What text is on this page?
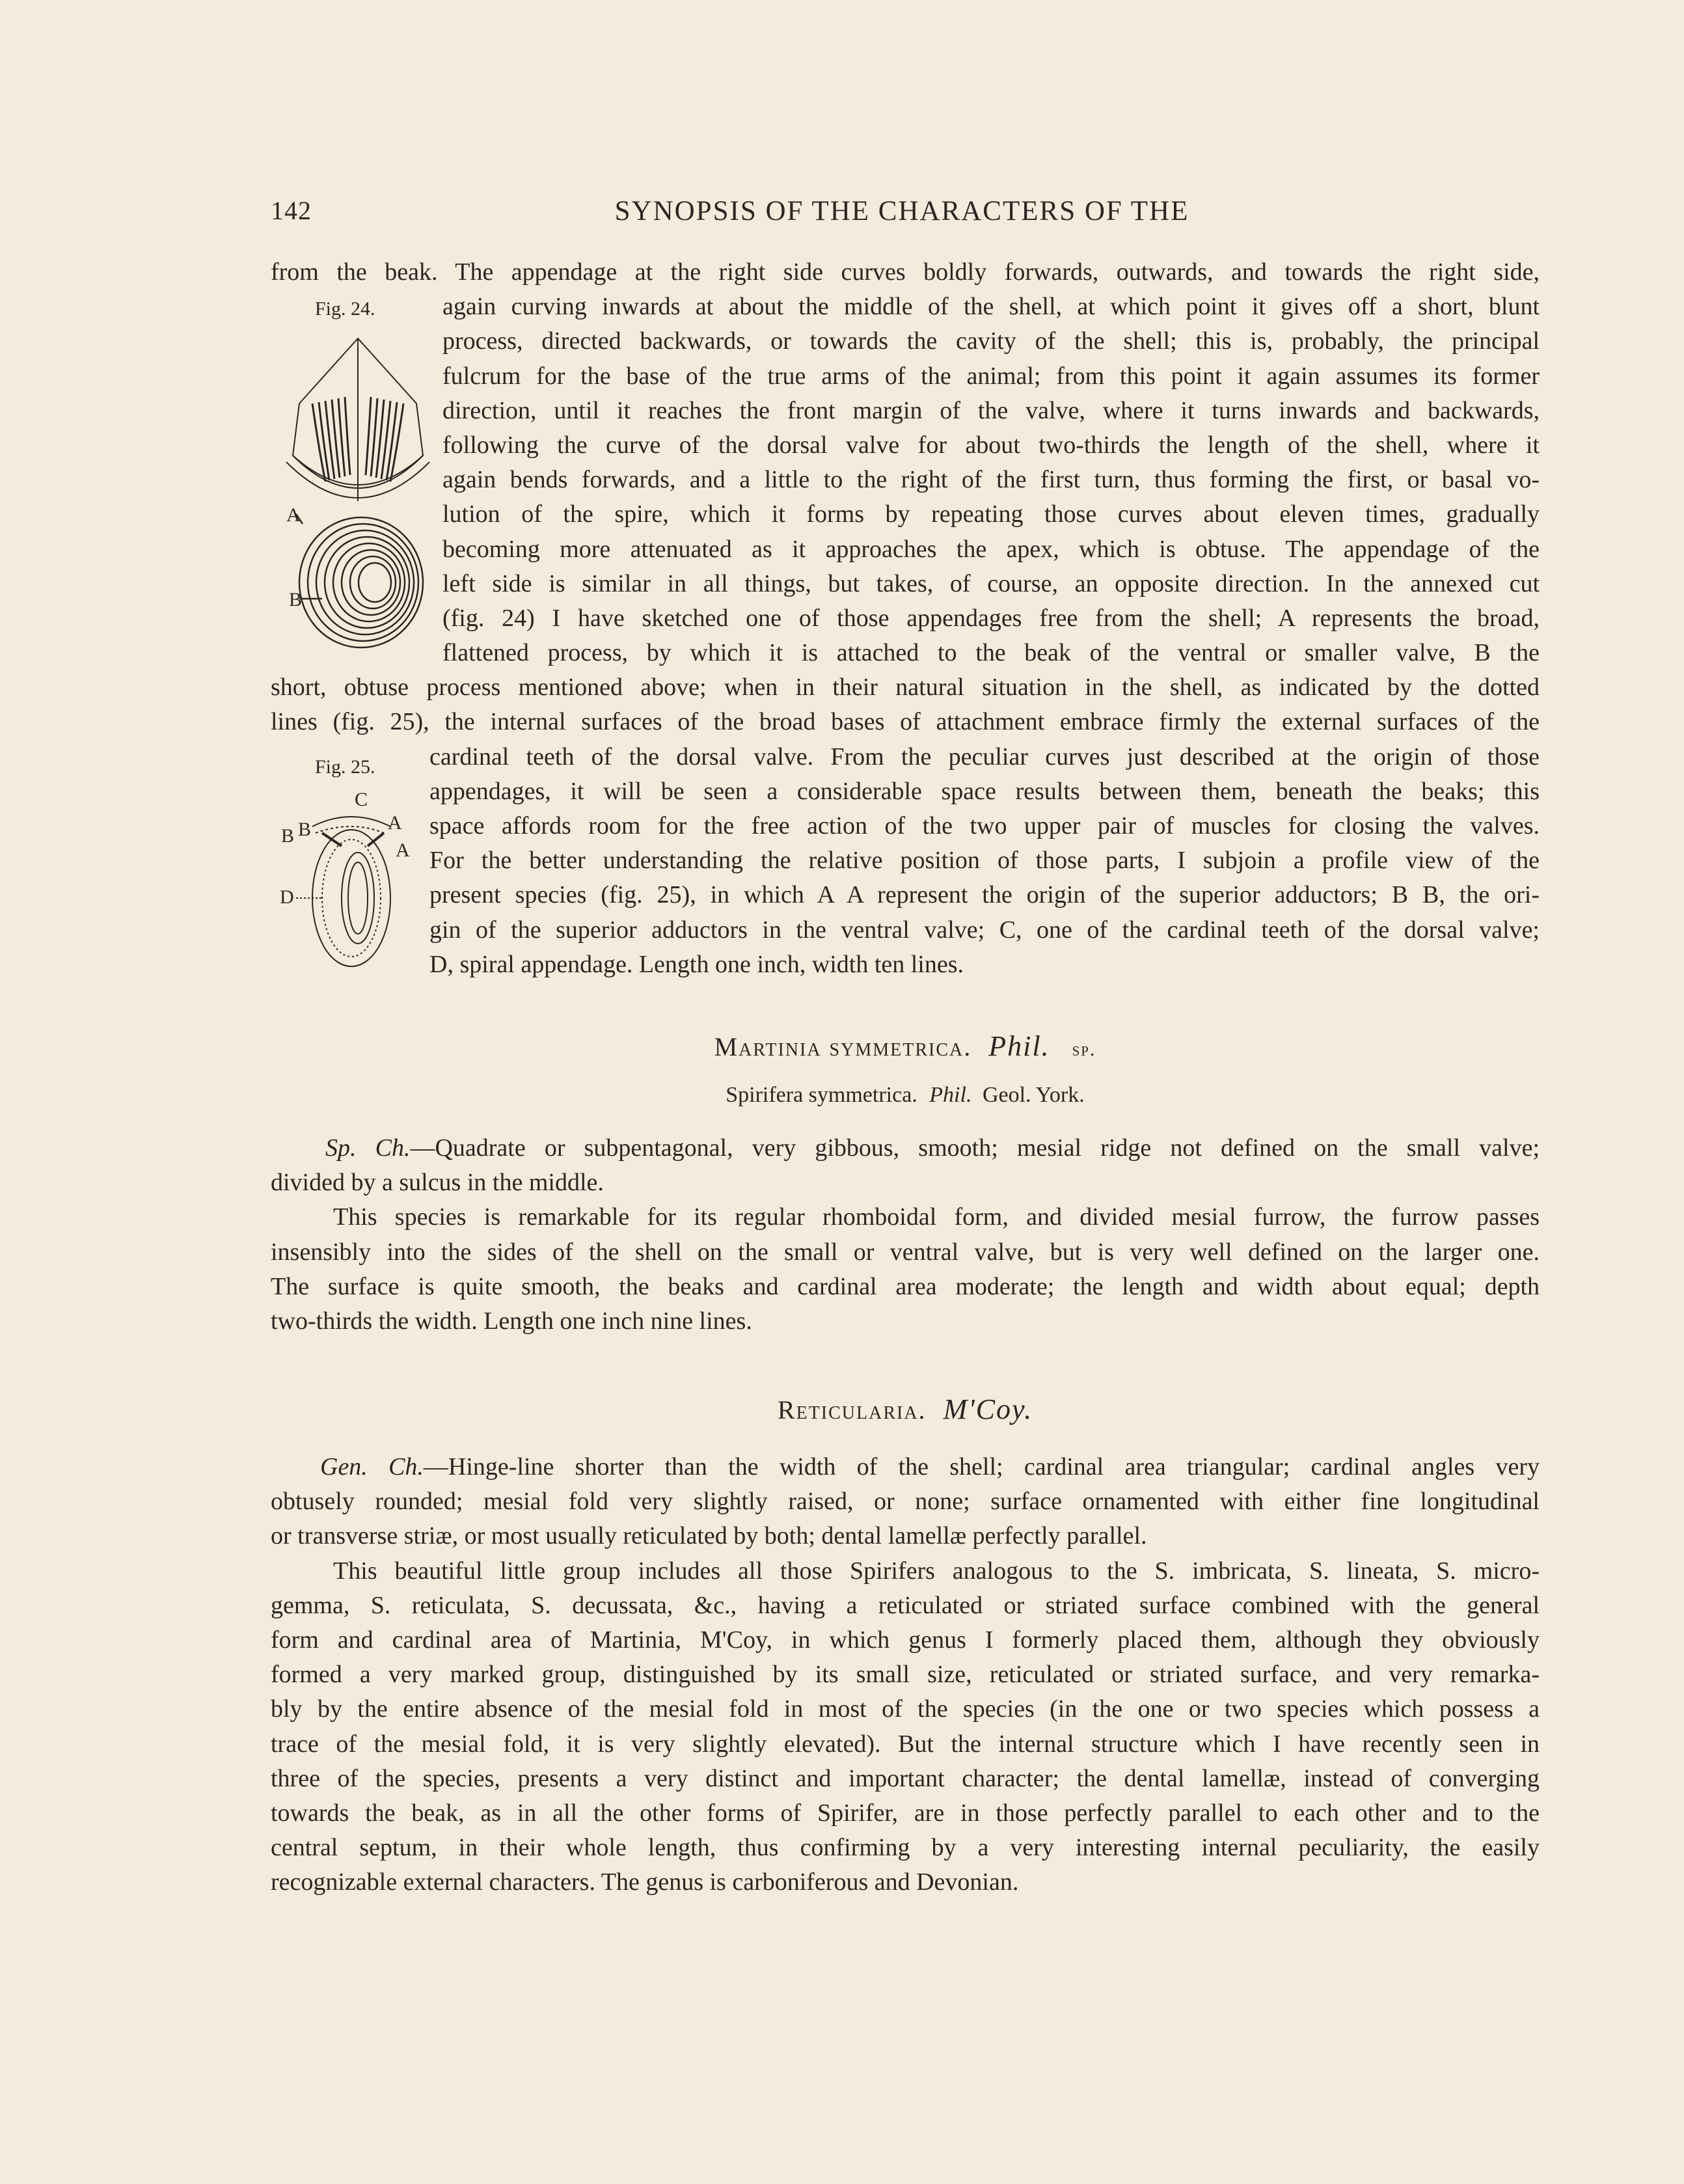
142	SYNOPSIS OF THE CHARACTERS OF THE
Fig. 24.
A
B
Fig. 25.
C
B B	A
A
D
from the beak. The appendage at the right side curves boldly forwards, outwards, and towards the right side,
again curving inwards at about the middle of the shell, at which point it gives off a short, blunt
process, directed backwards, or towards the cavity of the shell; this is, probably, the principal
fulcrum for the base of the true arms of the animal; from this point it again assumes its former
direction, until it reaches the front margin of the valve, where it turns inwards and backwards,
following the curve of the dorsal valve for about two-thirds the length of the shell, where it
again bends forwards, and a little to the right of the first turn, thus forming the first, or basal vo-
lution of the spire, which it forms by repeating those curves about eleven times, gradually
becoming more attenuated as it approaches the apex, which is obtuse. The appendage of the
left side is similar in all things, but takes, of course, an opposite direction. In the annexed cut
(fig. 24) I have sketched one of those appendages free from the shell; A represents the broad,
flattened process, by which it is attached to the beak of the ventral or smaller valve, B the
short, obtuse process mentioned above; when in their natural situation in the shell, as indicated by the dotted
lines (fig. 25), the internal surfaces of the broad bases of attachment embrace firmly the external surfaces of the
cardinal teeth of the dorsal valve. From the peculiar curves just described at the origin of those
appendages, it will be seen a considerable space results between them, beneath the beaks; this
space affords room for the free action of the two upper pair of muscles for closing the valves.
For the better understanding the relative position of those parts, I subjoin a profile view of the
present species (fig. 25), in which A A represent the origin of the superior adductors; B B, the ori-
gin of the superior adductors in the ventral valve; C, one of the cardinal teeth of the dorsal valve;
D, spiral appendage. Length one inch, width ten lines.
Martinia symmetrica. Phil. sp.
Spirifera symmetrica. Phil. Geol. York.
Sp. Ch.—Quadrate or subpentagonal, very gibbous, smooth; mesial ridge not defined on the small valve;
divided by a sulcus in the middle.
This species is remarkable for its regular rhomboidal form, and divided mesial furrow, the furrow passes
insensibly into the sides of the shell on the small or ventral valve, but is very well defined on the larger one.
The surface is quite smooth, the beaks and cardinal area moderate; the length and width about equal; depth
two-thirds the width. Length one inch nine lines.
Reticularia. M'Coy.
Gen. Ch.—Hinge-line shorter than the width of the shell; cardinal area triangular; cardinal angles very
obtusely rounded; mesial fold very slightly raised, or none; surface ornamented with either fine longitudinal
or transverse striæ, or most usually reticulated by both; dental lamellæ perfectly parallel.
This beautiful little group includes all those Spirifers analogous to the S. imbricata, S. lineata, S. micro-
gemma, S. reticulata, S. decussata, &c., having a reticulated or striated surface combined with the general
form and cardinal area of Martinia, M'Coy, in which genus I formerly placed them, although they obviously
formed a very marked group, distinguished by its small size, reticulated or striated surface, and very remarka-
bly by the entire absence of the mesial fold in most of the species (in the one or two species which possess a
trace of the mesial fold, it is very slightly elevated). But the internal structure which I have recently seen in
three of the species, presents a very distinct and important character; the dental lamellæ, instead of converging
towards the beak, as in all the other forms of Spirifer, are in those perfectly parallel to each other and to the
central septum, in their whole length, thus confirming by a very interesting internal peculiarity, the easily
recognizable external characters. The genus is carboniferous and Devonian.
